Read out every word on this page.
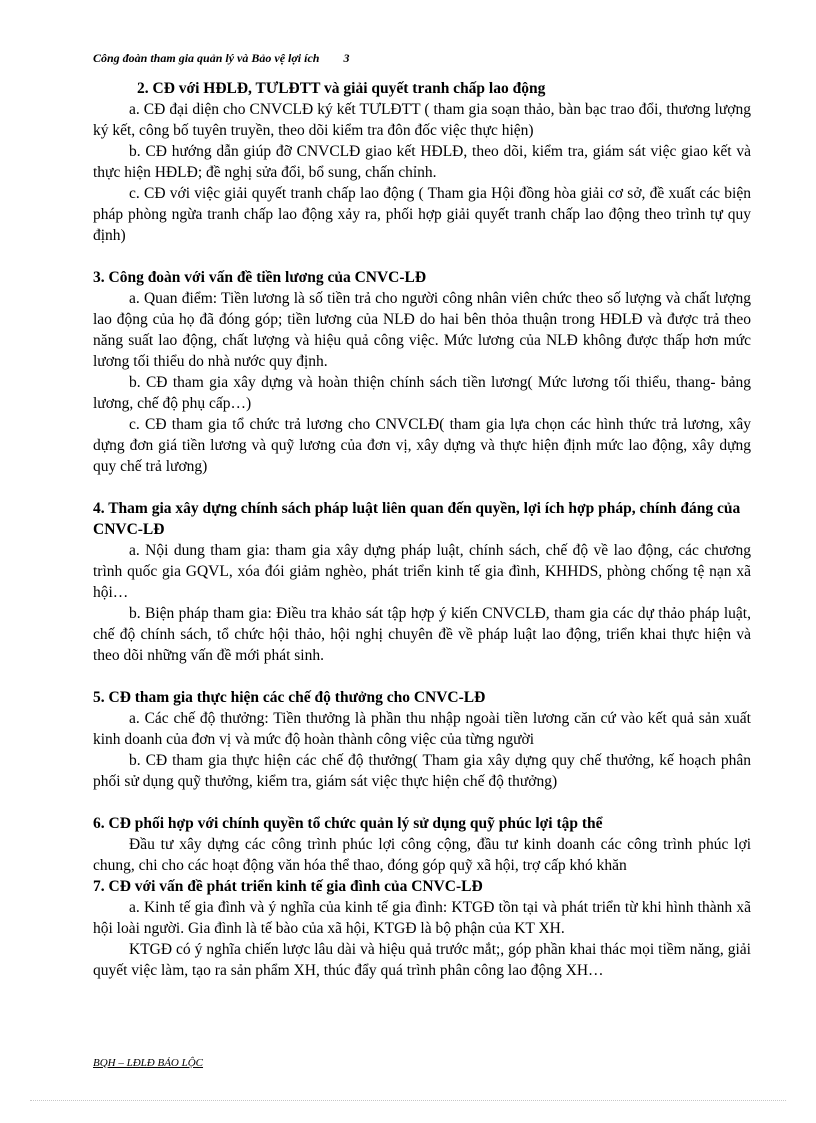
Công đoàn tham gia quản lý và Bảo vệ lợi ích 3

2. CĐ với HĐLĐ, TƯLĐTT và giải quyết tranh chấp lao động

a. CĐ đại diện cho CNVCLĐ ký kết TƯLĐTT ( tham gia soạn thảo, bàn bạc trao đổi, thương lượng ký kết, công bố tuyên truyền, theo dõi kiểm tra đôn đốc việc thực hiện)

b. CĐ hướng dẫn giúp đỡ CNVCLĐ giao kết HĐLĐ, theo dõi, kiểm tra, giám sát việc giao kết và thực hiện HĐLĐ; đề nghị sửa đổi, bổ sung, chấn chỉnh.

c. CĐ với việc giải quyết tranh chấp lao động ( Tham gia Hội đồng hòa giải cơ sở, đề xuất các biện pháp phòng ngừa tranh chấp lao động xảy ra, phối hợp giải quyết tranh chấp lao động theo trình tự quy định)

3. Công đoàn với vấn đề tiền lương của CNVC-LĐ

a. Quan điểm: Tiền lương là số tiền trả cho người công nhân viên chức theo số lượng và chất lượng lao động của họ đã đóng góp; tiền lương của NLĐ do hai bên thỏa thuận trong HĐLĐ và được trả theo năng suất lao động, chất lượng và hiệu quả công việc. Mức lương của NLĐ không được thấp hơn mức lương tối thiểu do nhà nước quy định.

b. CĐ tham gia xây dựng và hoàn thiện chính sách tiền lương( Mức lương tối thiểu, thang- bảng lương, chế độ phụ cấp…)

c. CĐ tham gia tổ chức trả lương cho CNVCLĐ( tham gia lựa chọn các hình thức trả lương, xây dựng đơn giá tiền lương và quỹ lương của đơn vị, xây dựng và thực hiện định mức lao động, xây dựng quy chế trả lương)

4. Tham gia xây dựng chính sách pháp luật liên quan đến quyền, lợi ích hợp pháp, chính đáng của CNVC-LĐ

a. Nội dung tham gia: tham gia xây dựng pháp luật, chính sách, chế độ về lao động, các chương trình quốc gia GQVL, xóa đói giảm nghèo, phát triển kinh tế gia đình, KHHDS, phòng chống tệ nạn xã hội…

b. Biện pháp tham gia: Điều tra khảo sát tập hợp ý kiến CNVCLĐ, tham gia các dự thảo pháp luật, chế độ chính sách, tổ chức hội thảo, hội nghị chuyên đề về pháp luật lao động, triển khai thực hiện và theo dõi những vấn đề mới phát sinh.

5. CĐ tham gia thực hiện các chế độ thưởng cho CNVC-LĐ

a. Các chế độ thưởng: Tiền thưởng là phần thu nhập ngoài tiền lương căn cứ vào kết quả sản xuất kinh doanh của đơn vị và mức độ hoàn thành công việc của từng người

b. CĐ tham gia thực hiện các chế độ thưởng( Tham gia xây dựng quy chế thưởng, kế hoạch phân phối sử dụng quỹ thưởng, kiểm tra, giám sát việc thực hiện chế độ thưởng)

6. CĐ phối hợp với chính quyền tổ chức quản lý sử dụng quỹ phúc lợi tập thể

Đầu tư xây dựng các công trình phúc lợi công cộng, đầu tư kinh doanh các công trình phúc lợi chung, chi cho các hoạt động văn hóa thể thao, đóng góp quỹ xã hội, trợ cấp khó khăn

7. CĐ với vấn đề phát triển kinh tế gia đình của CNVC-LĐ

a. Kinh tế gia đình và ý nghĩa của kinh tế gia đình: KTGĐ tồn tại và phát triển từ khi hình thành xã hội loài người. Gia đình là tế bào của xã hội, KTGĐ là bộ phận của KT XH.

KTGĐ có ý nghĩa chiến lược lâu dài và hiệu quả trước mắt;, góp phần khai thác mọi tiềm năng, giải quyết việc làm, tạo ra sản phẩm XH, thúc đẩy quá trình phân công lao động XH…

BQH – LĐLĐ BẢO LỘC
